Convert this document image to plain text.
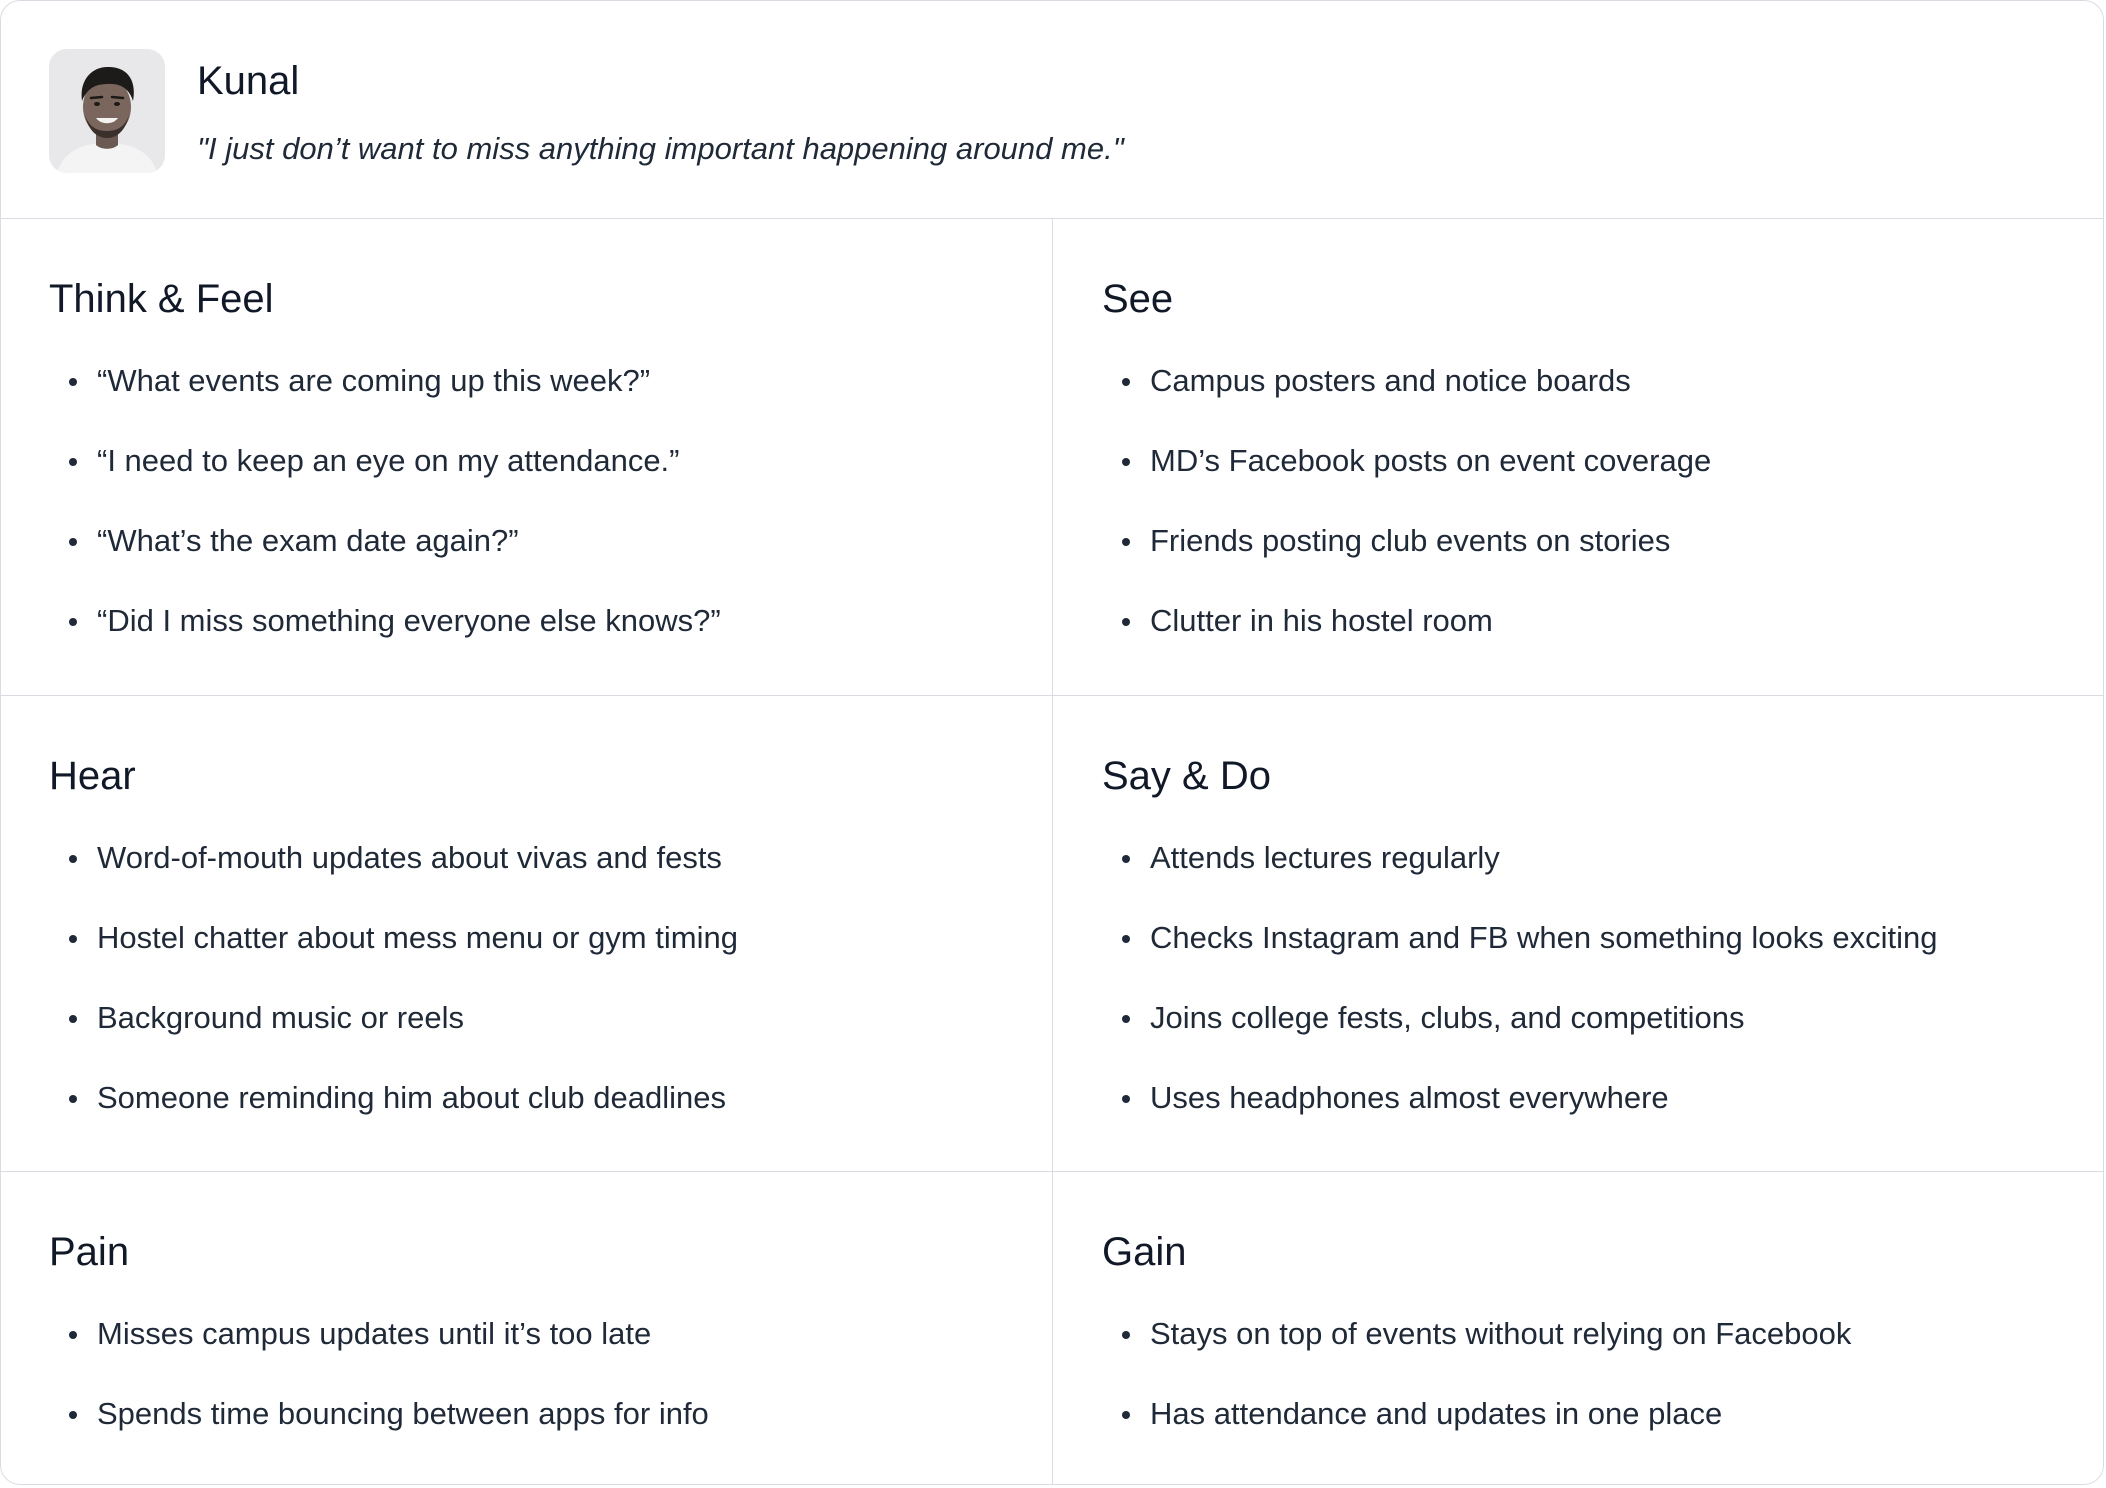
Kunal
"I just don’t want to miss anything important happening around me."
Think & Feel
“What events are coming up this week?”
“I need to keep an eye on my attendance.”
“What’s the exam date again?”
“Did I miss something everyone else knows?”
See
Campus posters and notice boards
MD’s Facebook posts on event coverage
Friends posting club events on stories
Clutter in his hostel room
Hear
Word-of-mouth updates about vivas and fests
Hostel chatter about mess menu or gym timing
Background music or reels
Someone reminding him about club deadlines
Say & Do
Attends lectures regularly
Checks Instagram and FB when something looks exciting
Joins college fests, clubs, and competitions
Uses headphones almost everywhere
Pain
Misses campus updates until it’s too late
Spends time bouncing between apps for info
Gain
Stays on top of events without relying on Facebook
Has attendance and updates in one place
